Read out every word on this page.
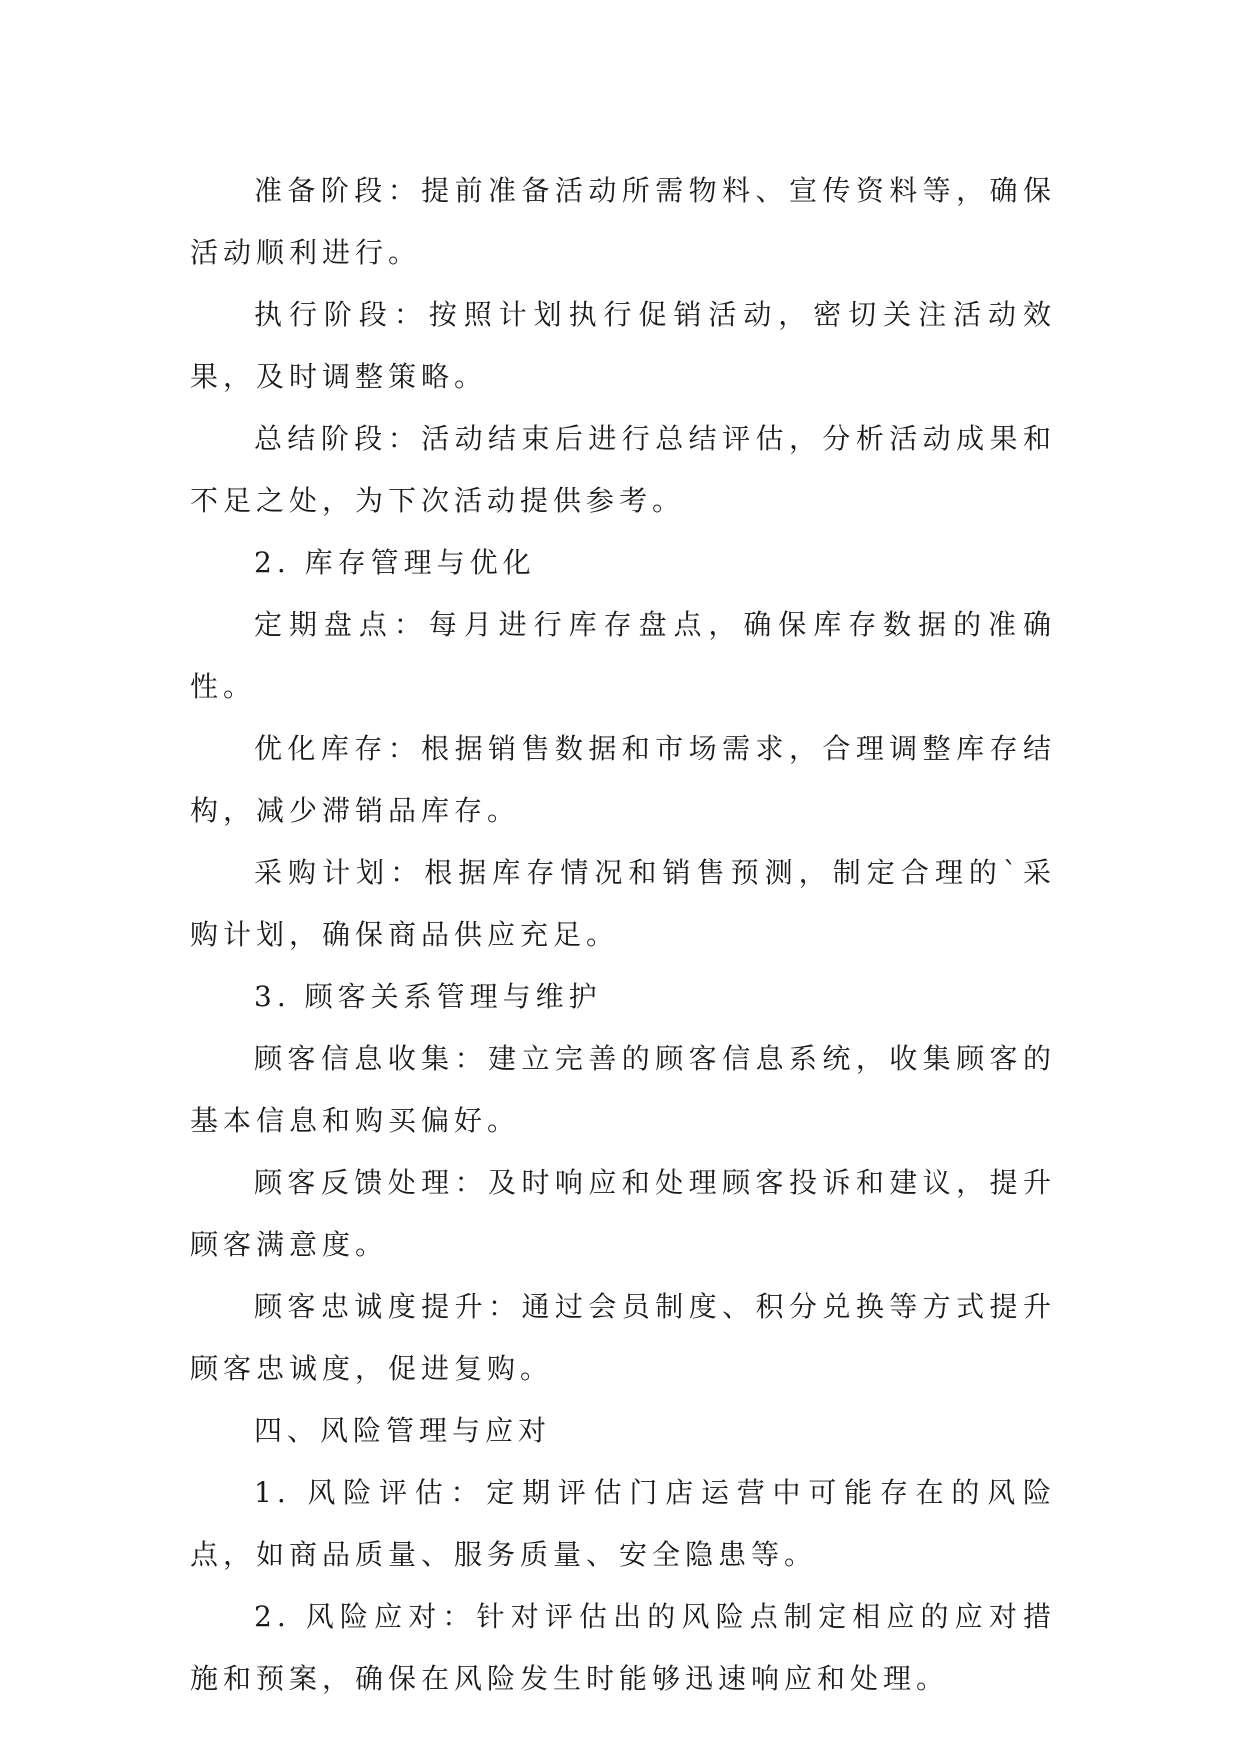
准备阶段：提前准备活动所需物料、宣传资料等，确保活动顺利进行。

执行阶段：按照计划执行促销活动，密切关注活动效果，及时调整策略。

总结阶段：活动结束后进行总结评估，分析活动成果和不足之处，为下次活动提供参考。

2. 库存管理与优化

定期盘点：每月进行库存盘点，确保库存数据的准确性。

优化库存：根据销售数据和市场需求，合理调整库存结构，减少滞销品库存。

采购计划：根据库存情况和销售预测，制定合理的`采购计划，确保商品供应充足。

3. 顾客关系管理与维护

顾客信息收集：建立完善的顾客信息系统，收集顾客的基本信息和购买偏好。

顾客反馈处理：及时响应和处理顾客投诉和建议，提升顾客满意度。

顾客忠诚度提升：通过会员制度、积分兑换等方式提升顾客忠诚度，促进复购。

四、风险管理与应对

1. 风险评估：定期评估门店运营中可能存在的风险点，如商品质量、服务质量、安全隐患等。

2. 风险应对：针对评估出的风险点制定相应的应对措施和预案，确保在风险发生时能够迅速响应和处理。
